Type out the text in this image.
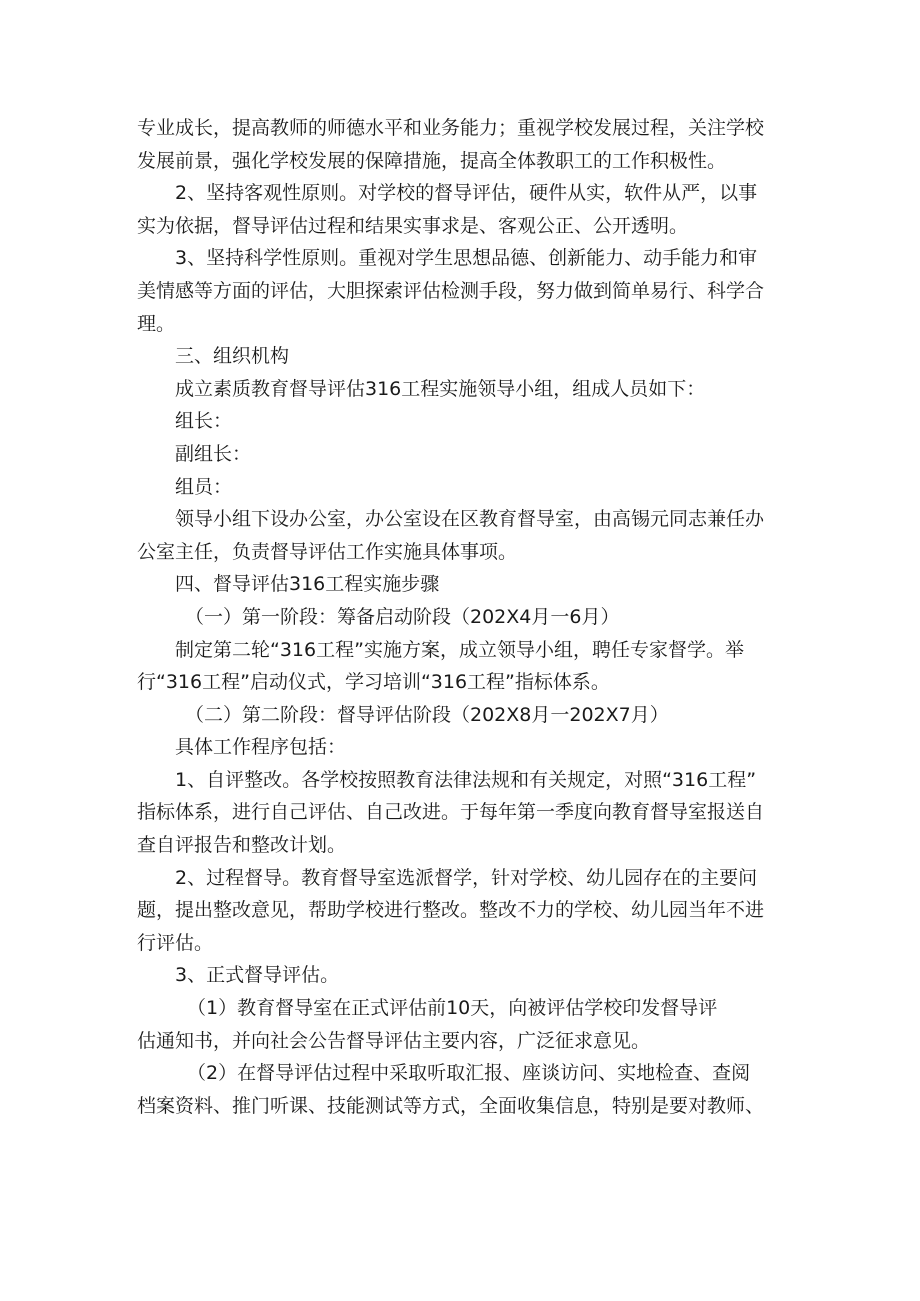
专业成长，提高教师的师德水平和业务能力；重视学校发展过程，关注学校
发展前景，强化学校发展的保障措施，提高全体教职工的工作积极性。
2、坚持客观性原则。对学校的督导评估，硬件从实，软件从严，以事
实为依据，督导评估过程和结果实事求是、客观公正、公开透明。
3、坚持科学性原则。重视对学生思想品德、创新能力、动手能力和审
美情感等方面的评估，大胆探索评估检测手段，努力做到简单易行、科学合
理。
三、组织机构
成立素质教育督导评估316工程实施领导小组，组成人员如下：
组长：
副组长：
组员：
领导小组下设办公室，办公室设在区教育督导室，由高锡元同志兼任办
公室主任，负责督导评估工作实施具体事项。
四、督导评估316工程实施步骤
（一）第一阶段：筹备启动阶段（202X4月一6月）
制定第二轮“316工程”实施方案，成立领导小组，聘任专家督学。举
行“316工程”启动仪式，学习培训“316工程”指标体系。
（二）第二阶段：督导评估阶段（202X8月一202X7月）
具体工作程序包括：
1、自评整改。各学校按照教育法律法规和有关规定，对照“316工程”
指标体系，进行自己评估、自己改进。于每年第一季度向教育督导室报送自
查自评报告和整改计划。
2、过程督导。教育督导室选派督学，针对学校、幼儿园存在的主要问
题，提出整改意见，帮助学校进行整改。整改不力的学校、幼儿园当年不进
行评估。
3、正式督导评估。
（1）教育督导室在正式评估前10天，向被评估学校印发督导评
估通知书，并向社会公告督导评估主要内容，广泛征求意见。
（2）在督导评估过程中采取听取汇报、座谈访问、实地检查、查阅
档案资料、推门听课、技能测试等方式，全面收集信息，特别是要对教师、
